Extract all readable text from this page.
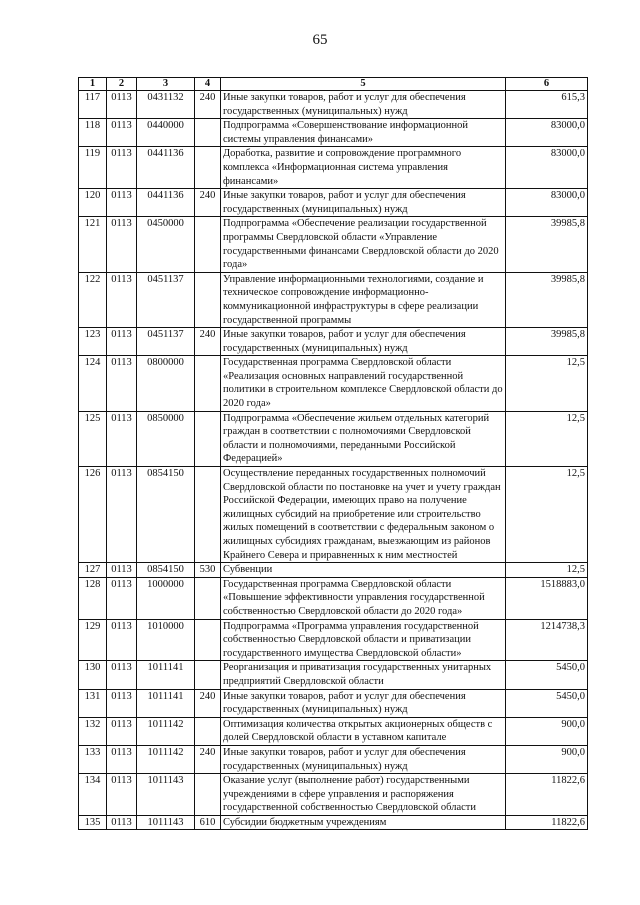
65
1	2	3	4	5	6
117	0113	0431132	240	Иные закупки товаров, работ и услуг для обеспечения государственных (муниципальных) нужд	615,3
118	0113	0440000		Подпрограмма «Совершенствование информационной системы управления финансами»	83000,0
119	0113	0441136		Доработка, развитие и сопровождение программного комплекса «Информационная система управления финансами»	83000,0
120	0113	0441136	240	Иные закупки товаров, работ и услуг для обеспечения государственных (муниципальных) нужд	83000,0
121	0113	0450000		Подпрограмма «Обеспечение реализации государственной программы Свердловской области «Управление государственными финансами Свердловской области до 2020 года»	39985,8
122	0113	0451137		Управление информационными технологиями, создание и техническое сопровождение информационно-коммуникационной инфраструктуры в сфере реализации государственной программы	39985,8
123	0113	0451137	240	Иные закупки товаров, работ и услуг для обеспечения государственных (муниципальных) нужд	39985,8
124	0113	0800000		Государственная программа Свердловской области «Реализация основных направлений государственной политики в строительном комплексе Свердловской области до 2020 года»	12,5
125	0113	0850000		Подпрограмма «Обеспечение жильем отдельных категорий граждан в соответствии с полномочиями Свердловской области и полномочиями, переданными Российской Федерацией»	12,5
126	0113	0854150		Осуществление переданных государственных полномочий Свердловской области по постановке на учет и учету граждан Российской Федерации, имеющих право на получение жилищных субсидий на приобретение или строительство жилых помещений в соответствии с федеральным законом о жилищных субсидиях гражданам, выезжающим из районов Крайнего Севера и приравненных к ним местностей	12,5
127	0113	0854150	530	Субвенции	12,5
128	0113	1000000		Государственная программа Свердловской области «Повышение эффективности управления государственной собственностью Свердловской области до 2020 года»	1518883,0
129	0113	1010000		Подпрограмма «Программа управления государственной собственностью Свердловской области и приватизации государственного имущества Свердловской области»	1214738,3
130	0113	1011141		Реорганизация и приватизация государственных унитарных предприятий Свердловской области	5450,0
131	0113	1011141	240	Иные закупки товаров, работ и услуг для обеспечения государственных (муниципальных) нужд	5450,0
132	0113	1011142		Оптимизация количества открытых акционерных обществ с долей Свердловской области в уставном капитале	900,0
133	0113	1011142	240	Иные закупки товаров, работ и услуг для обеспечения государственных (муниципальных) нужд	900,0
134	0113	1011143		Оказание услуг (выполнение работ) государственными учреждениями в сфере управления и распоряжения государственной собственностью Свердловской области	11822,6
135	0113	1011143	610	Субсидии бюджетным учреждениям	11822,6
